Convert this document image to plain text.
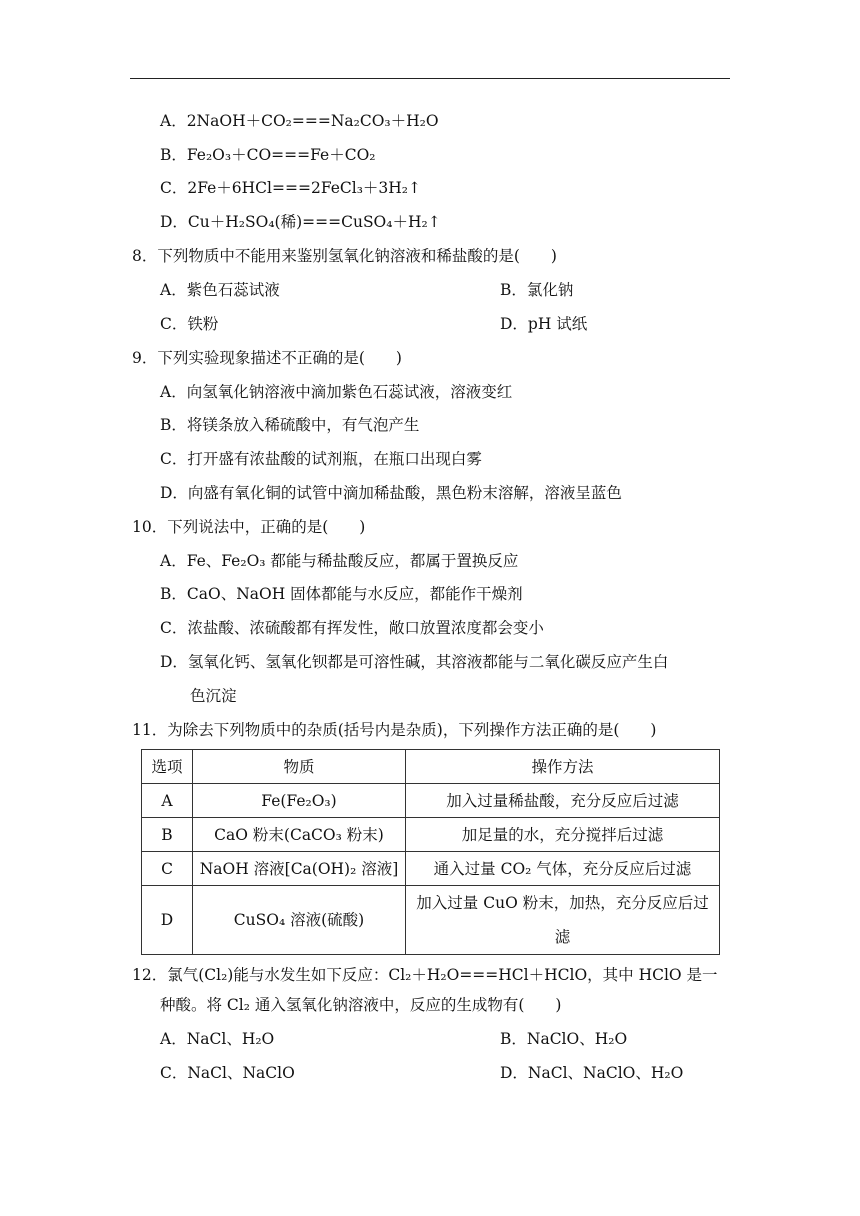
A．2NaOH＋CO₂===Na₂CO₃＋H₂O
B．Fe₂O₃＋CO===Fe＋CO₂
C．2Fe＋6HCl===2FeCl₃＋3H₂↑
D．Cu＋H₂SO₄(稀)===CuSO₄＋H₂↑
8．下列物质中不能用来鉴别氢氧化钠溶液和稀盐酸的是(　　)
A．紫色石蕊试液	B．氯化钠
C．铁粉	D．pH 试纸
9．下列实验现象描述不正确的是(　　)
A．向氢氧化钠溶液中滴加紫色石蕊试液，溶液变红
B．将镁条放入稀硫酸中，有气泡产生
C．打开盛有浓盐酸的试剂瓶，在瓶口出现白雾
D．向盛有氧化铜的试管中滴加稀盐酸，黑色粉末溶解，溶液呈蓝色
10．下列说法中，正确的是(　　)
A．Fe、Fe₂O₃ 都能与稀盐酸反应，都属于置换反应
B．CaO、NaOH 固体都能与水反应，都能作干燥剂
C．浓盐酸、浓硫酸都有挥发性，敞口放置浓度都会变小
D．氢氧化钙、氢氧化钡都是可溶性碱，其溶液都能与二氧化碳反应产生白
色沉淀
11．为除去下列物质中的杂质(括号内是杂质)，下列操作方法正确的是(　　)
选项	物质	操作方法
A	Fe(Fe₂O₃)	加入过量稀盐酸，充分反应后过滤
B	CaO 粉末(CaCO₃ 粉末)	加足量的水，充分搅拌后过滤
C	NaOH 溶液[Ca(OH)₂ 溶液]	通入过量 CO₂ 气体，充分反应后过滤
D	CuSO₄ 溶液(硫酸)	加入过量 CuO 粉末，加热，充分反应后过滤
12．氯气(Cl₂)能与水发生如下反应：Cl₂＋H₂O===HCl＋HClO，其中 HClO 是一
种酸。将 Cl₂ 通入氢氧化钠溶液中，反应的生成物有(　　)
A．NaCl、H₂O	B．NaClO、H₂O
C．NaCl、NaClO	D．NaCl、NaClO、H₂O
